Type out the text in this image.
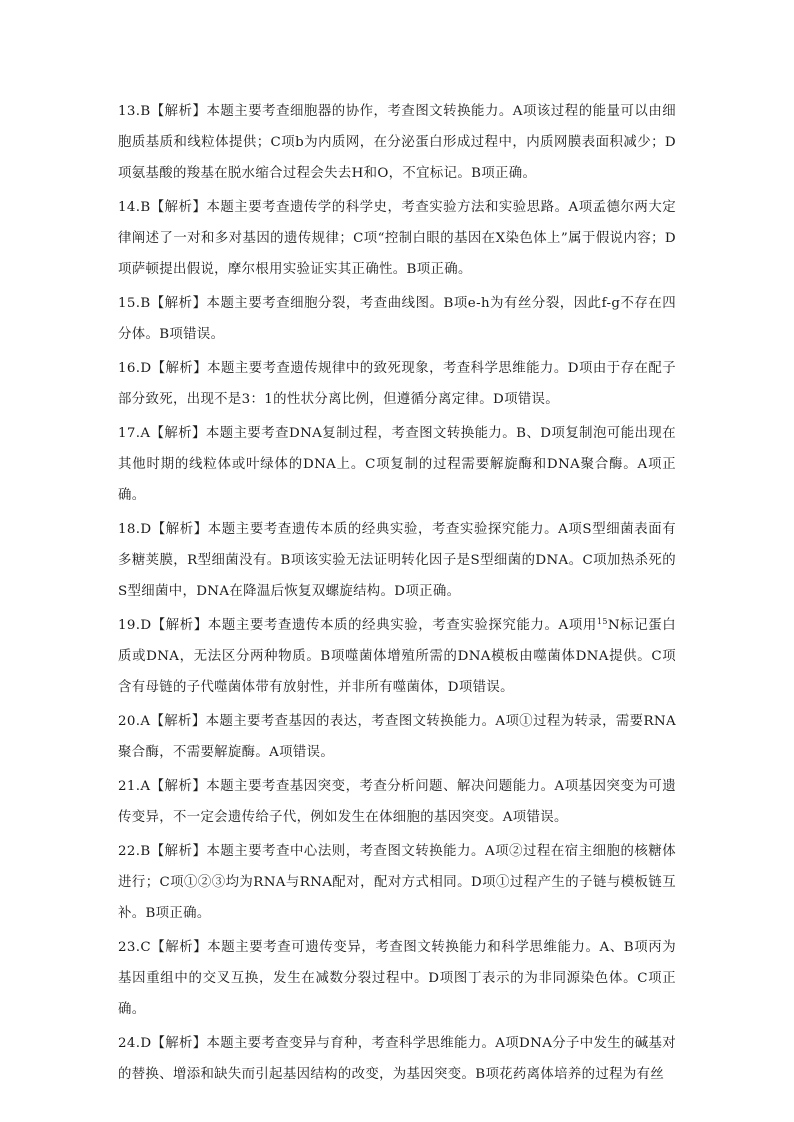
13.B【解析】本题主要考查细胞器的协作，考查图文转换能力。A项该过程的能量可以由细胞质基质和线粒体提供；C项b为内质网，在分泌蛋白形成过程中，内质网膜表面积减少；D项氨基酸的羧基在脱水缩合过程会失去H和O，不宜标记。B项正确。

14.B【解析】本题主要考查遗传学的科学史，考查实验方法和实验思路。A项孟德尔两大定律阐述了一对和多对基因的遗传规律；C项“控制白眼的基因在X染色体上”属于假说内容；D项萨顿提出假说，摩尔根用实验证实其正确性。B项正确。

15.B【解析】本题主要考查细胞分裂，考查曲线图。B项e-h为有丝分裂，因此f-g不存在四分体。B项错误。

16.D【解析】本题主要考查遗传规律中的致死现象，考查科学思维能力。D项由于存在配子部分致死，出现不是3：1的性状分离比例，但遵循分离定律。D项错误。

17.A【解析】本题主要考查DNA复制过程，考查图文转换能力。B、D项复制泡可能出现在其他时期的线粒体或叶绿体的DNA上。C项复制的过程需要解旋酶和DNA聚合酶。A项正确。

18.D【解析】本题主要考查遗传本质的经典实验，考查实验探究能力。A项S型细菌表面有多糖荚膜，R型细菌没有。B项该实验无法证明转化因子是S型细菌的DNA。C项加热杀死的S型细菌中，DNA在降温后恢复双螺旋结构。D项正确。

19.D【解析】本题主要考查遗传本质的经典实验，考查实验探究能力。A项用$^{15}$N标记蛋白质或DNA，无法区分两种物质。B项噬菌体增殖所需的DNA模板由噬菌体DNA提供。C项含有母链的子代噬菌体带有放射性，并非所有噬菌体，D项错误。

20.A【解析】本题主要考查基因的表达，考查图文转换能力。A项①过程为转录，需要RNA聚合酶，不需要解旋酶。A项错误。

21.A【解析】本题主要考查基因突变，考查分析问题、解决问题能力。A项基因突变为可遗传变异，不一定会遗传给子代，例如发生在体细胞的基因突变。A项错误。

22.B【解析】本题主要考查中心法则，考查图文转换能力。A项②过程在宿主细胞的核糖体进行；C项①②③均为RNA与RNA配对，配对方式相同。D项①过程产生的子链与模板链互补。B项正确。

23.C【解析】本题主要考查可遗传变异，考查图文转换能力和科学思维能力。A、B项丙为基因重组中的交叉互换，发生在减数分裂过程中。D项图丁表示的为非同源染色体。C项正确。

24.D【解析】本题主要考查变异与育种，考查科学思维能力。A项DNA分子中发生的碱基对的替换、增添和缺失而引起基因结构的改变，为基因突变。B项花药离体培养的过程为有丝
